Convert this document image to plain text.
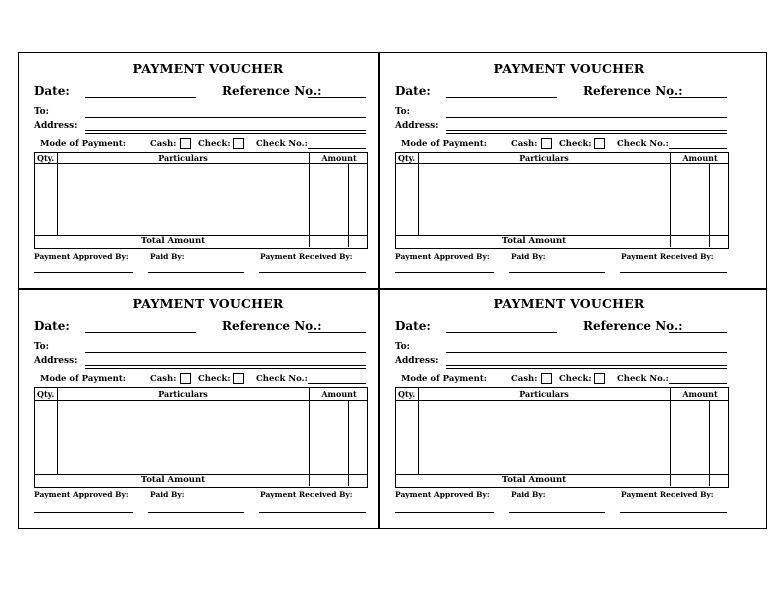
PAYMENT VOUCHER
Date:	Reference No.:
To:
Address:
Mode of Payment:	Cash:	Check:	Check No.:
Qty.	Particulars	Amount
Total Amount
Payment Approved By:	Paid By:	Payment Received By:
PAYMENT VOUCHER
Date:	Reference No.:
To:
Address:
Mode of Payment:	Cash:	Check:	Check No.:
Qty.	Particulars	Amount
Total Amount
Payment Approved By:	Paid By:	Payment Received By:
PAYMENT VOUCHER
Date:	Reference No.:
To:
Address:
Mode of Payment:	Cash:	Check:	Check No.:
Qty.	Particulars	Amount
Total Amount
Payment Approved By:	Paid By:	Payment Received By:
PAYMENT VOUCHER
Date:	Reference No.:
To:
Address:
Mode of Payment:	Cash:	Check:	Check No.:
Qty.	Particulars	Amount
Total Amount
Payment Approved By:	Paid By:	Payment Received By:
